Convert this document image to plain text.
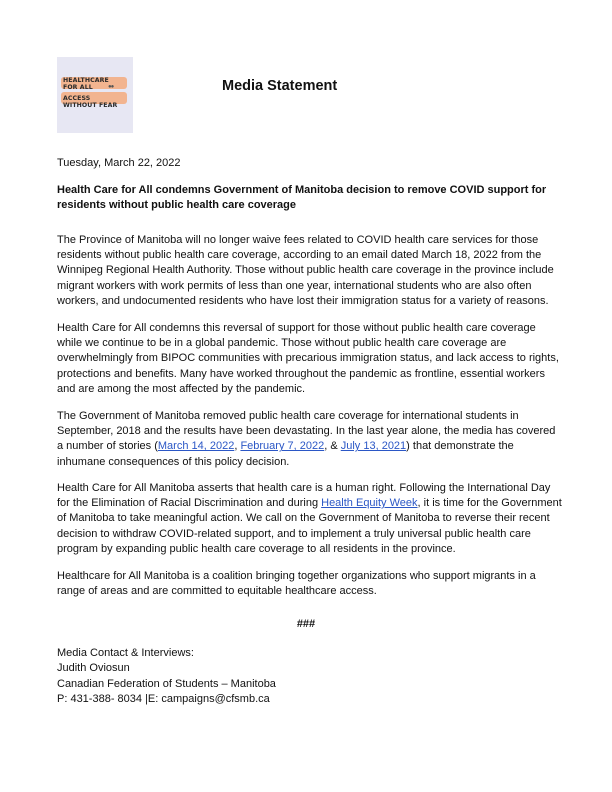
HEALTHCARE
FOR ALL	●●
ACCESS
WITHOUT FEAR
Media Statement
Tuesday, March 22, 2022
Health Care for All condemns Government of Manitoba decision to remove COVID support for residents without public health care coverage
The Province of Manitoba will no longer waive fees related to COVID health care services for those residents without public health care coverage, according to an email dated March 18, 2022 from the Winnipeg Regional Health Authority. Those without public health care coverage in the province include migrant workers with work permits of less than one year, international students who are also often workers, and undocumented residents who have lost their immigration status for a variety of reasons.
Health Care for All condemns this reversal of support for those without public health care coverage while we continue to be in a global pandemic. Those without public health care coverage are overwhelmingly from BIPOC communities with precarious immigration status, and lack access to rights, protections and benefits. Many have worked throughout the pandemic as frontline, essential workers and are among the most affected by the pandemic.
The Government of Manitoba removed public health care coverage for international students in September, 2018 and the results have been devastating. In the last year alone, the media has covered a number of stories (March 14, 2022, February 7, 2022, & July 13, 2021) that demonstrate the inhumane consequences of this policy decision.
Health Care for All Manitoba asserts that health care is a human right. Following the International Day for the Elimination of Racial Discrimination and during Health Equity Week, it is time for the Government of Manitoba to take meaningful action. We call on the Government of Manitoba to reverse their recent decision to withdraw COVID-related support, and to implement a truly universal public health care program by expanding public health care coverage to all residents in the province.
Healthcare for All Manitoba is a coalition bringing together organizations who support migrants in a range of areas and are committed to equitable healthcare access.
###
Media Contact & Interviews:
Judith Oviosun
Canadian Federation of Students – Manitoba
P: 431-388- 8034 |E: campaigns@cfsmb.ca
